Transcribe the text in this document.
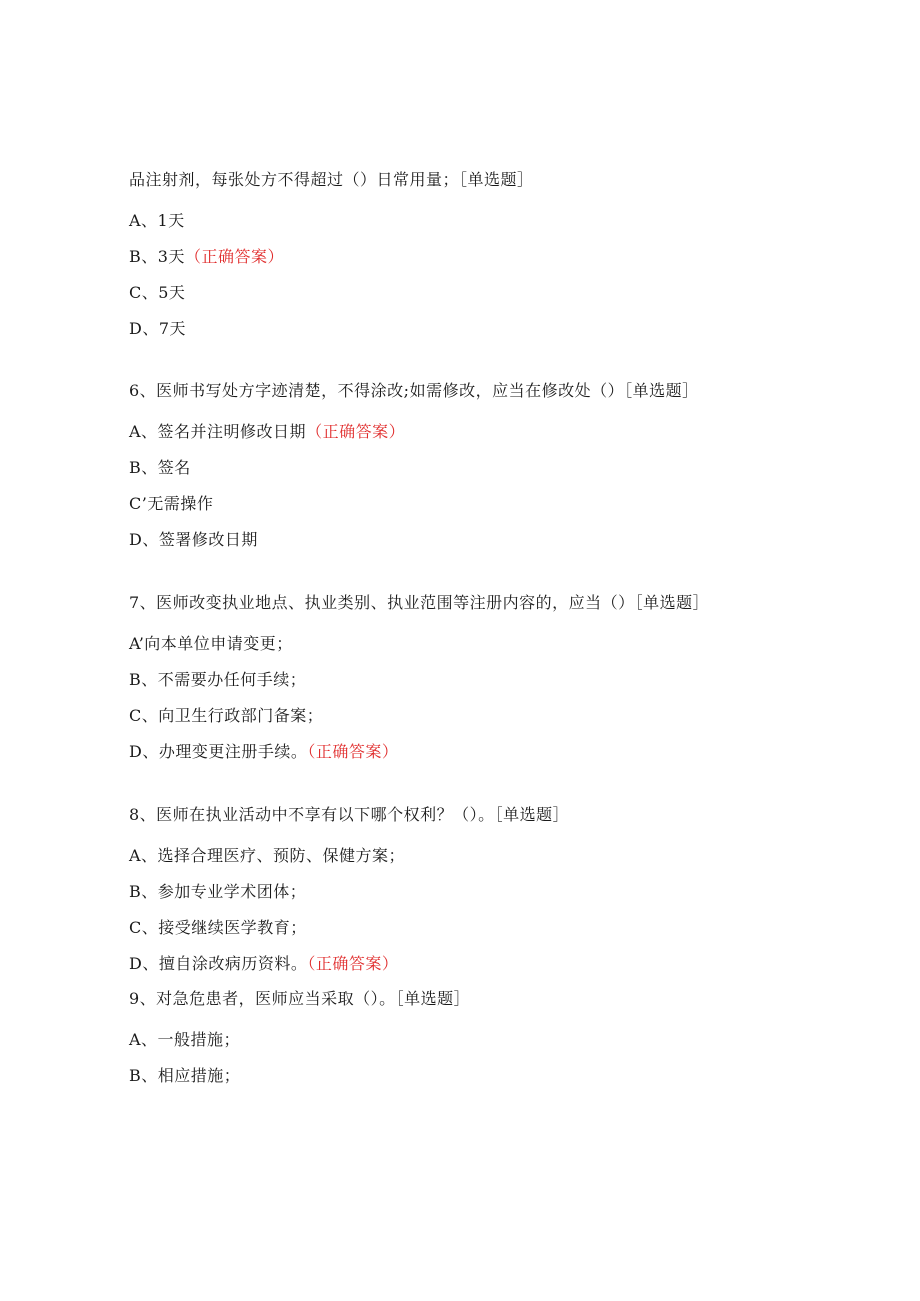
品注射剂，每张处方不得超过（）日常用量；［单选题］
A、1天
B、3天（正确答案）
C、5天
D、7天
6、医师书写处方字迹清楚，不得涂改;如需修改，应当在修改处（）［单选题］
A、签名并注明修改日期（正确答案）
B、签名
C’无需操作
D、签署修改日期
7、医师改变执业地点、执业类别、执业范围等注册内容的，应当（）［单选题］
A’向本单位申请变更；
B、不需要办任何手续；
C、向卫生行政部门备案；
D、办理变更注册手续。（正确答案）
8、医师在执业活动中不享有以下哪个权利？（）。［单选题］
A、选择合理医疗、预防、保健方案；
B、参加专业学术团体；
C、接受继续医学教育；
D、擅自涂改病历资料。（正确答案）
9、对急危患者，医师应当采取（）。［单选题］
A、一般措施；
B、相应措施；
